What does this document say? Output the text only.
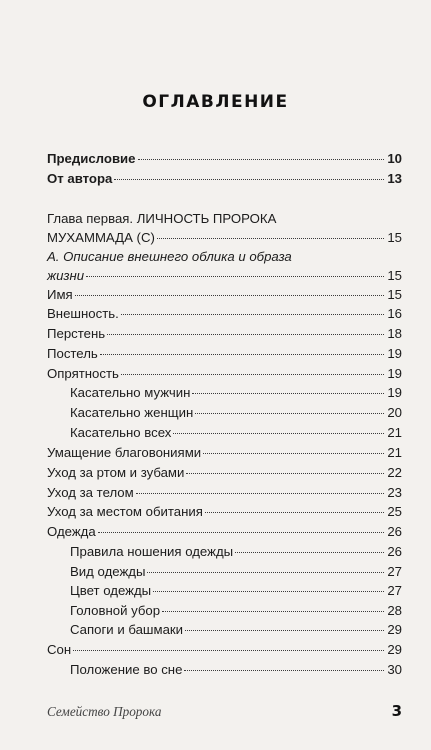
ОГЛАВЛЕНИЕ
Предисловие	10
От автора	13
Глава первая. ЛИЧНОСТЬ ПРОРОКА
МУХАММАДА (С)	15
А. Описание внешнего облика и образа
жизни	15
Имя	15
Внешность.	16
Перстень	18
Постель	19
Опрятность	19
Касательно мужчин	19
Касательно женщин	20
Касательно всех	21
Умащение благовониями	21
Уход за ртом и зубами	22
Уход за телом	23
Уход за местом обитания	25
Одежда	26
Правила ношения одежды	26
Вид одежды	27
Цвет одежды	27
Головной убор	28
Сапоги и башмаки	29
Сон	29
Положение во сне	30
Семейство Пророка	3
